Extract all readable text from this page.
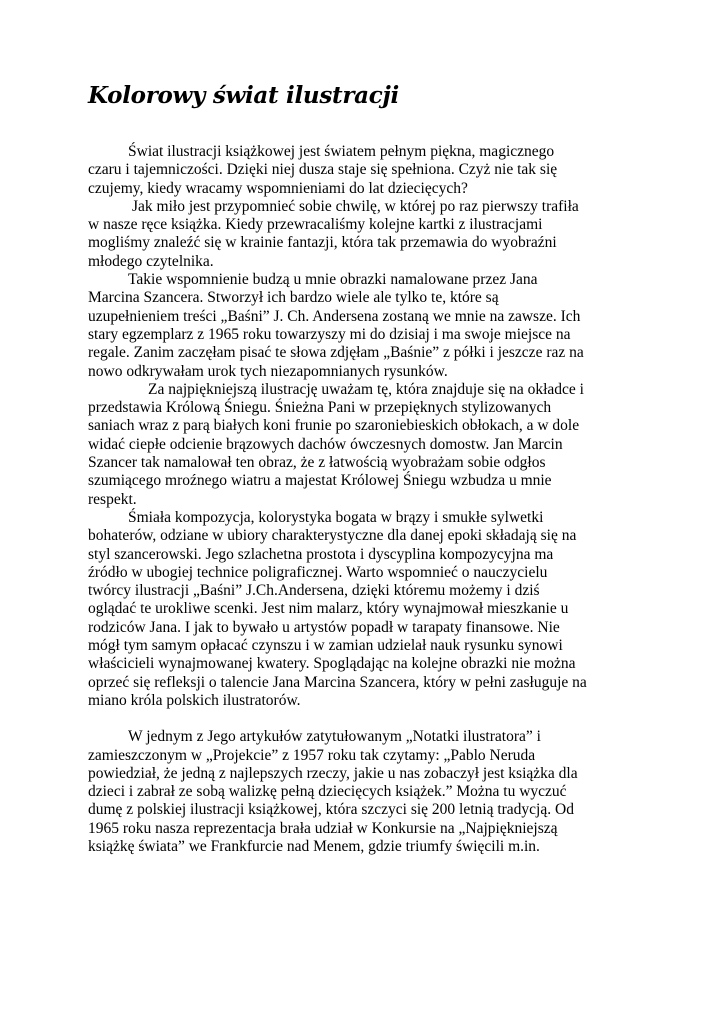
Kolorowy świat ilustracji
Świat ilustracji książkowej jest światem pełnym piękna, magicznego
czaru i tajemniczości. Dzięki niej dusza staje się spełniona. Czyż nie tak się
czujemy, kiedy wracamy wspomnieniami do lat dziecięcych?
Jak miło jest przypomnieć sobie chwilę, w której po raz pierwszy trafiła
w nasze ręce książka. Kiedy przewracaliśmy kolejne kartki z ilustracjami
mogliśmy znaleźć się w krainie fantazji, która tak przemawia do wyobraźni
młodego czytelnika.
Takie wspomnienie budzą u mnie obrazki namalowane przez Jana
Marcina Szancera. Stworzył ich bardzo wiele ale tylko te, które są
uzupełnieniem treści „Baśni” J. Ch. Andersena zostaną we mnie na zawsze. Ich
stary egzemplarz z 1965 roku towarzyszy mi do dzisiaj i ma swoje miejsce na
regale. Zanim zaczęłam pisać te słowa zdjęłam „Baśnie” z półki i jeszcze raz na
nowo odkrywałam urok tych niezapomnianych rysunków.
Za najpiękniejszą ilustrację uważam tę, która znajduje się na okładce i
przedstawia Królową Śniegu. Śnieżna Pani w przepięknych stylizowanych
saniach wraz z parą białych koni frunie po szaroniebieskich obłokach, a w dole
widać ciepłe odcienie brązowych dachów ówczesnych domostw. Jan Marcin
Szancer tak namalował ten obraz, że z łatwością wyobrażam sobie odgłos
szumiącego mroźnego wiatru a majestat Królowej Śniegu wzbudza u mnie
respekt.
Śmiała kompozycja, kolorystyka bogata w brązy i smukłe sylwetki
bohaterów, odziane w ubiory charakterystyczne dla danej epoki składają się na
styl szancerowski. Jego szlachetna prostota i dyscyplina kompozycyjna ma
źródło w ubogiej technice poligraficznej. Warto wspomnieć o nauczycielu
twórcy ilustracji „Baśni” J.Ch.Andersena, dzięki któremu możemy i dziś
oglądać te urokliwe scenki. Jest nim malarz, który wynajmował mieszkanie u
rodziców Jana. I jak to bywało u artystów popadł w tarapaty finansowe. Nie
mógł tym samym opłacać czynszu i w zamian udzielał nauk rysunku synowi
właścicieli wynajmowanej kwatery. Spoglądając na kolejne obrazki nie można
oprzeć się refleksji o talencie Jana Marcina Szancera, który w pełni zasługuje na
miano króla polskich ilustratorów.
W jednym z Jego artykułów zatytułowanym „Notatki ilustratora” i
zamieszczonym w „Projekcie” z 1957 roku tak czytamy: „Pablo Neruda
powiedział, że jedną z najlepszych rzeczy, jakie u nas zobaczył jest książka dla
dzieci i zabrał ze sobą walizkę pełną dziecięcych książek.” Można tu wyczuć
dumę z polskiej ilustracji książkowej, która szczyci się 200 letnią tradycją. Od
1965 roku nasza reprezentacja brała udział w Konkursie na „Najpiękniejszą
książkę świata” we Frankfurcie nad Menem, gdzie triumfy święcili m.in.
